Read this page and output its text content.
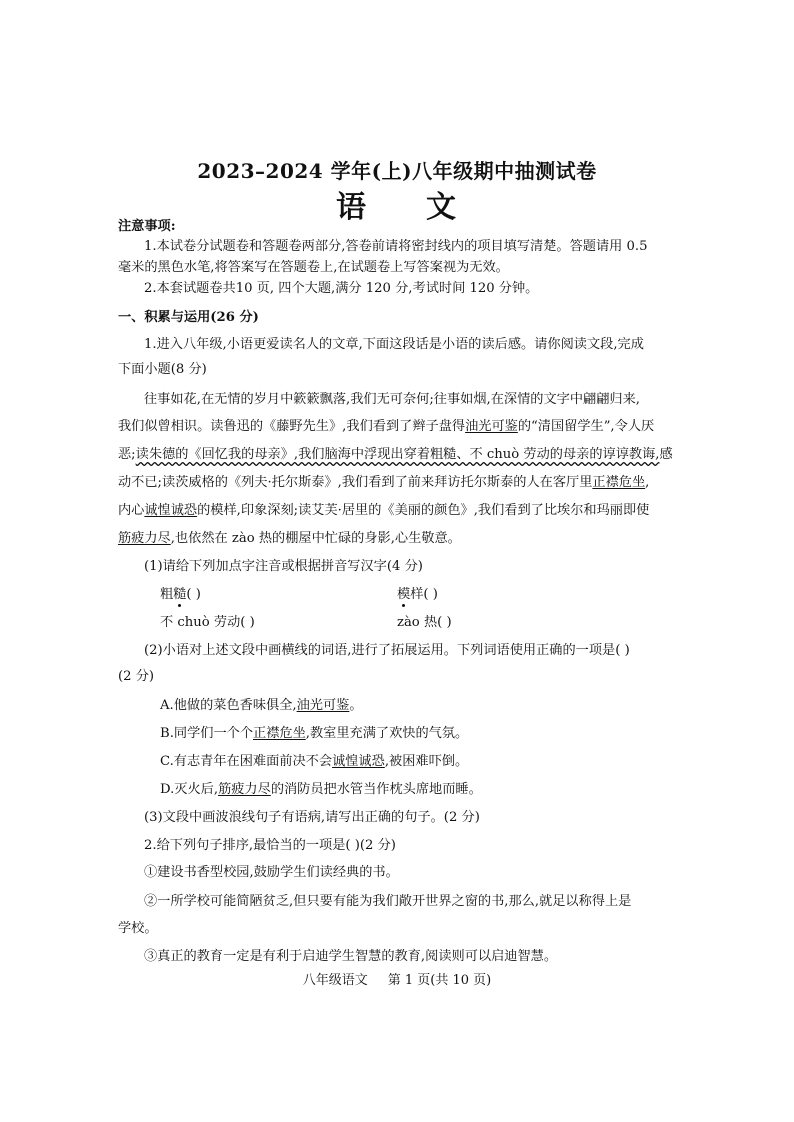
2023–2024 学年(上)八年级期中抽测试卷
语 文
注意事项:
1.本试卷分试题卷和答题卷两部分,答卷前请将密封线内的项目填写清楚。答题请用 0.5
毫米的黑色水笔,将答案写在答题卷上,在试题卷上写答案视为无效。
2.本套试题卷共10 页, 四个大题,满分 120 分,考试时间 120 分钟。
一、积累与运用(26 分)
1.进入八年级,小语更爱读名人的文章,下面这段话是小语的读后感。请你阅读文段,完成
下面小题(8 分)
往事如花,在无情的岁月中簌簌飘落,我们无可奈何;往事如烟,在深情的文字中翩翩归来,
我们似曾相识。读鲁迅的《藤野先生》,我们看到了辫子盘得油光可鉴的“清国留学生”,令人厌
恶;读朱德的《回忆我的母亲》,我们脑海中浮现出穿着粗糙、不 chuò 劳动的母亲的谆谆教诲,感
动不已;读茨威格的《列夫·托尔斯泰》,我们看到了前来拜访托尔斯泰的人在客厅里正襟危坐,
内心诚惶诚恐的模样,印象深刻;读艾芙·居里的《美丽的颜色》,我们看到了比埃尔和玛丽即使
筋疲力尽,也依然在 zào 热的棚屋中忙碌的身影,心生敬意。
(1)请给下列加点字注音或根据拼音写汉字(4 分)
粗糙( )	模样( )
不 chuò 劳动( )	zào 热( )
(2)小语对上述文段中画横线的词语,进行了拓展运用。下列词语使用正确的一项是( )
(2 分)
A.他做的菜色香味俱全,油光可鉴。
B.同学们一个个正襟危坐,教室里充满了欢快的气氛。
C.有志青年在困难面前决不会诚惶诚恐,被困难吓倒。
D.灭火后,筋疲力尽的消防员把水管当作枕头席地而睡。
(3)文段中画波浪线句子有语病,请写出正确的句子。(2 分)
2.给下列句子排序,最恰当的一项是( )(2 分)
①建设书香型校园,鼓励学生们读经典的书。
②一所学校可能简陋贫乏,但只要有能为我们敞开世界之窗的书,那么,就足以称得上是
学校。
③真正的教育一定是有利于启迪学生智慧的教育,阅读则可以启迪智慧。
八年级语文 第 1 页(共 10 页)
